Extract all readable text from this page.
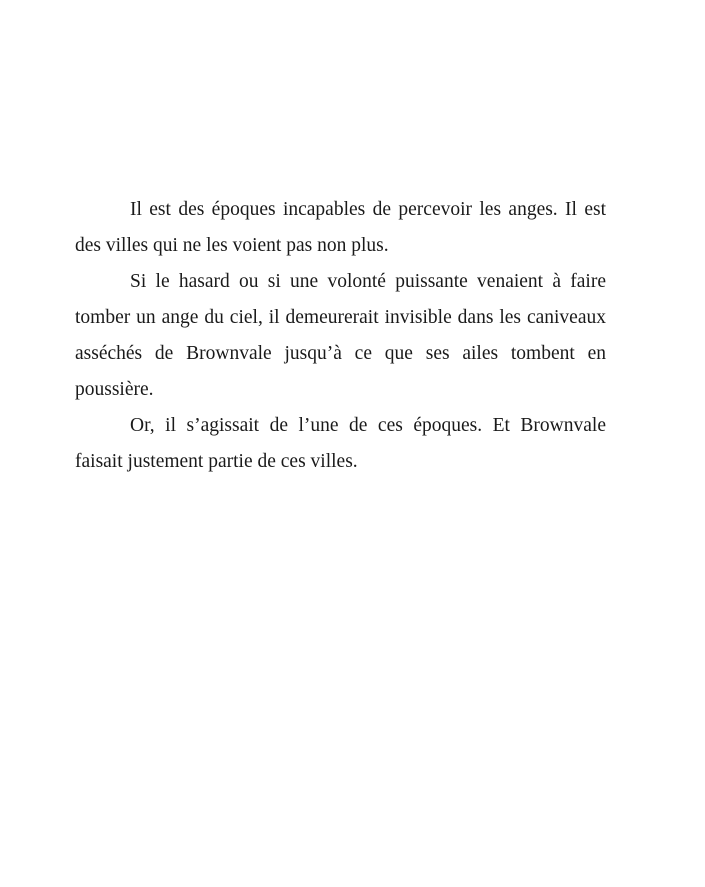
Il est des époques incapables de percevoir les anges. Il est des villes qui ne les voient pas non plus.

Si le hasard ou si une volonté puissante venaient à faire tomber un ange du ciel, il demeurerait invisible dans les caniveaux asséchés de Brownvale jusqu’à ce que ses ailes tombent en poussière.

Or, il s’agissait de l’une de ces époques. Et Brownvale faisait justement partie de ces villes.
